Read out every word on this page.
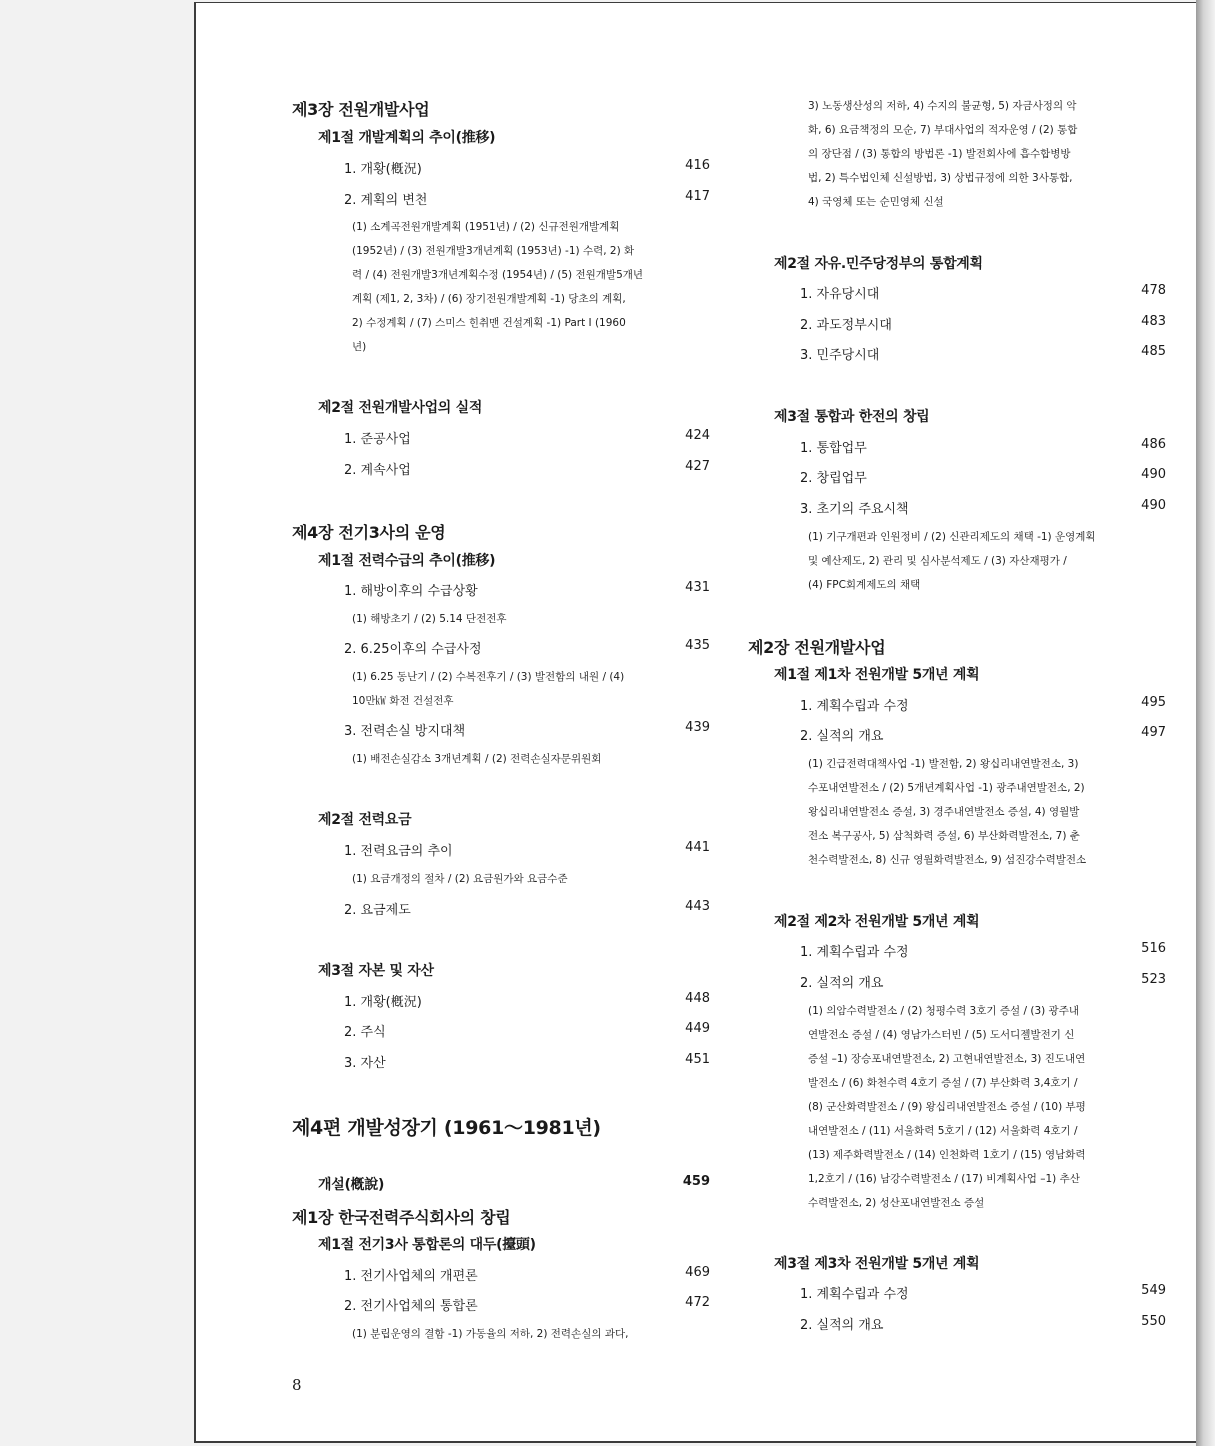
제3장 전원개발사업
제1절 개발계획의 추이(推移)
1. 개황(槪況)	416
2. 계획의 변천	417
(1) 소계곡전원개발계획 (1951년) / (2) 신규전원개발계획
(1952년) / (3) 전원개발3개년계획 (1953년) -1) 수력, 2) 화
력 / (4) 전원개발3개년계획수정 (1954년) / (5) 전원개발5개년
계획 (제1, 2, 3차) / (6) 장기전원개발계획 -1) 당초의 계획,
2) 수정계획 / (7) 스미스 힌취맨 건설계획 -1) Part Ⅰ (1960
년)
제2절 전원개발사업의 실적
1. 준공사업	424
2. 계속사업	427
제4장 전기3사의 운영
제1절 전력수급의 추이(推移)
1. 해방이후의 수급상황	431
(1) 해방초기 / (2) 5.14 단전전후
2. 6.25이후의 수급사정	435
(1) 6.25 동난기 / (2) 수복전후기 / (3) 발전함의 내원 / (4)
10만㎾ 화전 건설전후
3. 전력손실 방지대책	439
(1) 배전손실감소 3개년계획 / (2) 전력손실자문위원회
제2절 전력요금
1. 전력요금의 추이	441
(1) 요금개정의 절차 / (2) 요금원가와 요금수준
2. 요금제도	443
제3절 자본 및 자산
1. 개황(槪況)	448
2. 주식	449
3. 자산	451
제4편 개발성장기 (1961～1981년)
개설(槪說)	459
제1장 한국전력주식회사의 창립
제1절 전기3사 통합론의 대두(擡頭)
1. 전기사업체의 개편론	469
2. 전기사업체의 통합론	472
(1) 분립운영의 결함 -1) 가동율의 저하, 2) 전력손실의 과다,
3) 노동생산성의 저하, 4) 수지의 불균형, 5) 자금사정의 악
화, 6) 요금책정의 모순, 7) 부대사업의 적자운영 / (2) 통합
의 장단점 / (3) 통합의 방법론 -1) 발전회사에 흡수합병방
법, 2) 특수법인체 신설방법, 3) 상법규정에 의한 3사통합,
4) 국영체 또는 순민영체 신설
제2절 자유.민주당정부의 통합계획
1. 자유당시대	478
2. 과도정부시대	483
3. 민주당시대	485
제3절 통합과 한전의 창립
1. 통합업무	486
2. 창립업무	490
3. 초기의 주요시책	490
(1) 기구개편과 인원정비 / (2) 신관리제도의 채택 -1) 운영계획
및 예산제도, 2) 관리 및 심사분석제도 / (3) 자산재평가 /
(4) FPC회계제도의 채택
제2장 전원개발사업
제1절 제1차 전원개발 5개년 계획
1. 계획수립과 수정	495
2. 실적의 개요	497
(1) 긴급전력대책사업 -1) 발전함, 2) 왕십리내연발전소, 3)
수포내연발전소 / (2) 5개년계획사업 -1) 광주내연발전소, 2)
왕십리내연발전소 증설, 3) 경주내연발전소 증설, 4) 영월발
전소 복구공사, 5) 삼척화력 증설, 6) 부산화력발전소, 7) 춘
천수력발전소, 8) 신규 영월화력발전소, 9) 섬진강수력발전소
제2절 제2차 전원개발 5개년 계획
1. 계획수립과 수정	516
2. 실적의 개요	523
(1) 의암수력발전소 / (2) 청평수력 3호기 증설 / (3) 광주내
연발전소 증설 / (4) 영남가스터빈 / (5) 도서디젤발전기 신
증설 –1) 장승포내연발전소, 2) 고현내연발전소, 3) 진도내연
발전소 / (6) 화천수력 4호기 증설 / (7) 부산화력 3,4호기 /
(8) 군산화력발전소 / (9) 왕십리내연발전소 증설 / (10) 부평
내연발전소 / (11) 서울화력 5호기 / (12) 서울화력 4호기 /
(13) 제주화력발전소 / (14) 인천화력 1호기 / (15) 영남화력
1,2호기 / (16) 남강수력발전소 / (17) 비계획사업 –1) 추산
수력발전소, 2) 성산포내연발전소 증설
제3절 제3차 전원개발 5개년 계획
1. 계획수립과 수정	549
2. 실적의 개요	550
8
